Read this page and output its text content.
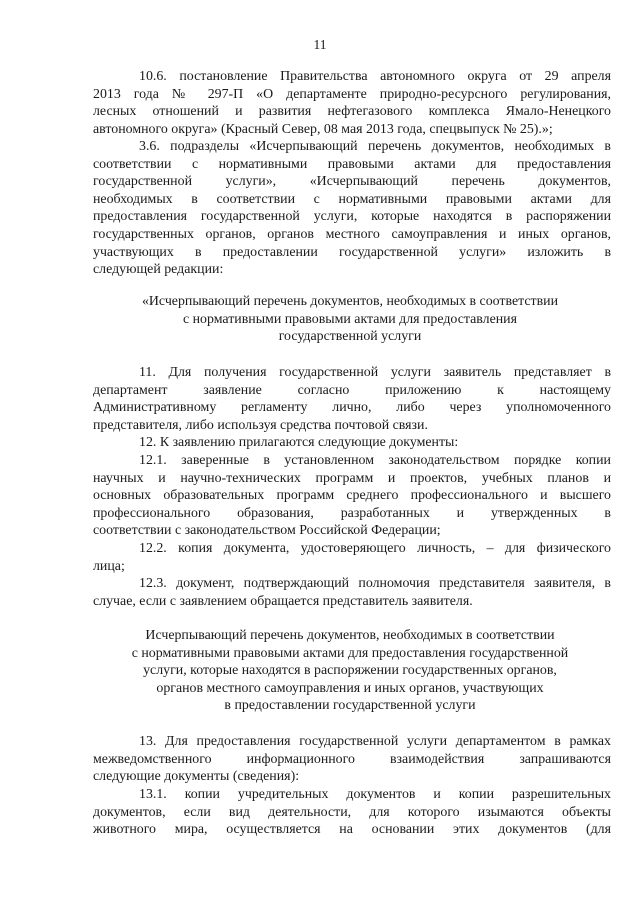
11
10.6. постановление Правительства автономного округа от 29 апреля
2013 года № 297-П «О департаменте природно-ресурсного регулирования,
лесных отношений и развития нефтегазового комплекса Ямало-Ненецкого
автономного округа» (Красный Север, 08 мая 2013 года, спецвыпуск № 25).»;
3.6. подразделы «Исчерпывающий перечень документов, необходимых в
соответствии с нормативными правовыми актами для предоставления
государственной услуги», «Исчерпывающий перечень документов,
необходимых в соответствии с нормативными правовыми актами для
предоставления государственной услуги, которые находятся в распоряжении
государственных органов, органов местного самоуправления и иных органов,
участвующих в предоставлении государственной услуги» изложить в
следующей редакции:
«Исчерпывающий перечень документов, необходимых в соответствии
с нормативными правовыми актами для предоставления
государственной услуги
11. Для получения государственной услуги заявитель представляет в
департамент заявление согласно приложению к настоящему
Административному регламенту лично, либо через уполномоченного
представителя, либо используя средства почтовой связи.
12. К заявлению прилагаются следующие документы:
12.1. заверенные в установленном законодательством порядке копии
научных и научно-технических программ и проектов, учебных планов и
основных образовательных программ среднего профессионального и высшего
профессионального образования, разработанных и утвержденных в
соответствии с законодательством Российской Федерации;
12.2. копия документа, удостоверяющего личность, – для физического
лица;
12.3. документ, подтверждающий полномочия представителя заявителя, в
случае, если с заявлением обращается представитель заявителя.
Исчерпывающий перечень документов, необходимых в соответствии
с нормативными правовыми актами для предоставления государственной
услуги, которые находятся в распоряжении государственных органов,
органов местного самоуправления и иных органов, участвующих
в предоставлении государственной услуги
13. Для предоставления государственной услуги департаментом в рамках
межведомственного информационного взаимодействия запрашиваются
следующие документы (сведения):
13.1. копии учредительных документов и копии разрешительных
документов, если вид деятельности, для которого изымаются объекты
животного мира, осуществляется на основании этих документов (для
